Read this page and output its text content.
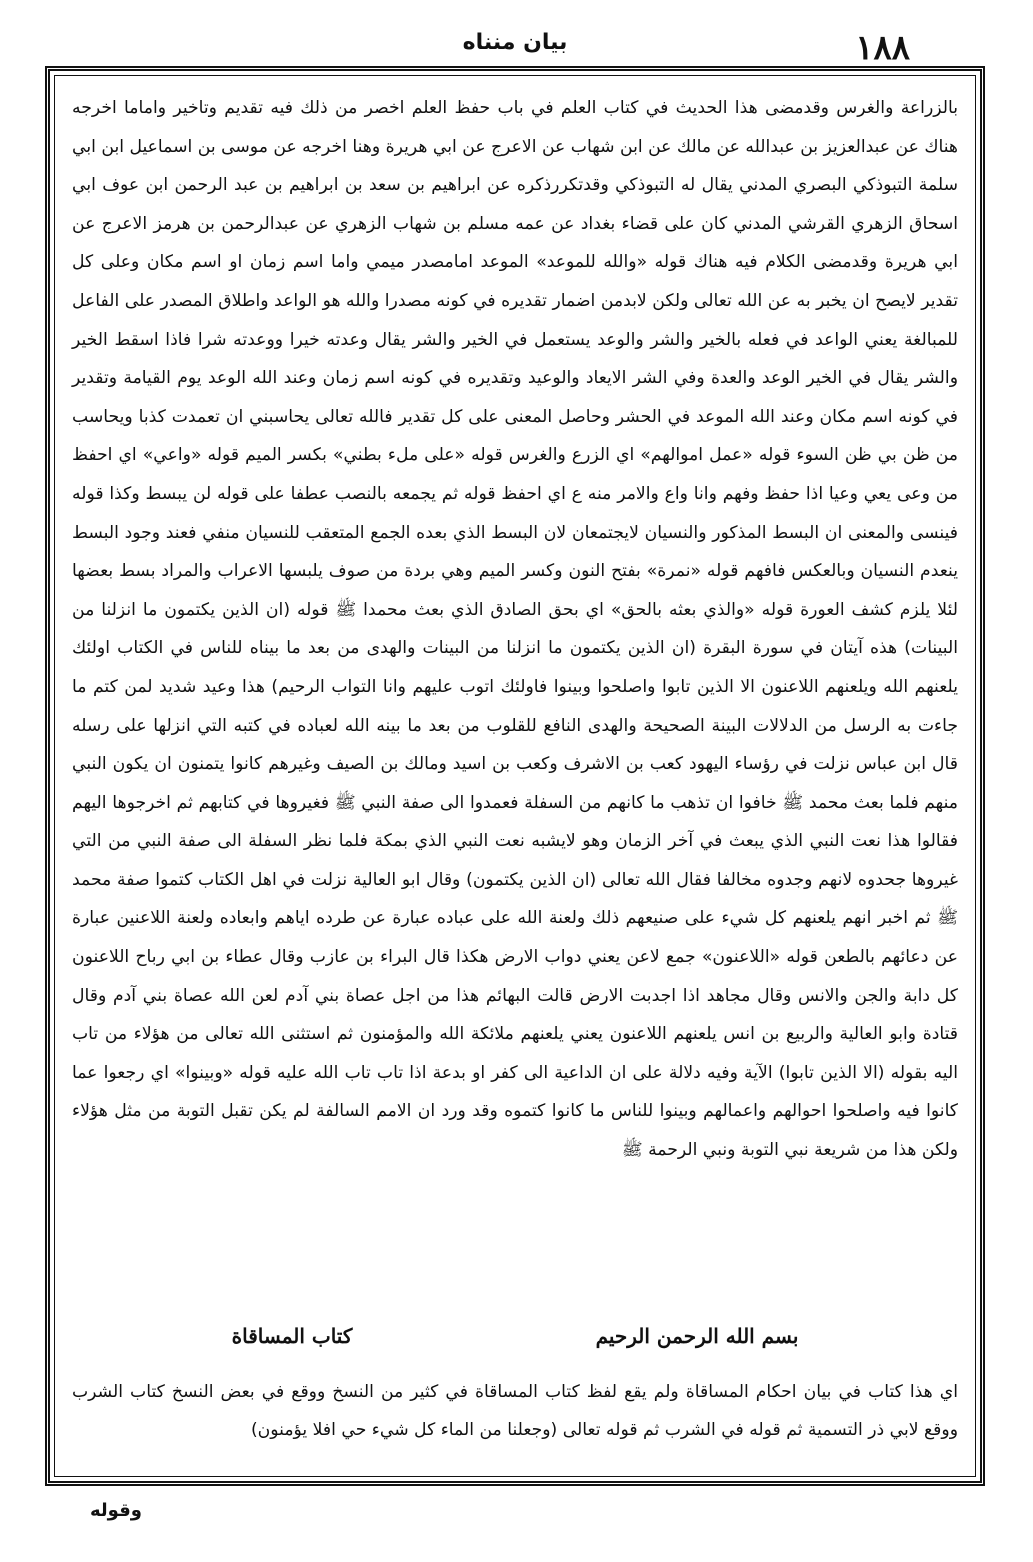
بيان منناه	١٨٨

بالزراعة والغرس وقدمضى هذا الحديث في كتاب العلم في باب حفظ العلم اخصر من ذلك فيه تقديم وتاخير واماما اخرجه هناك عن عبدالعزيز بن عبدالله عن مالك عن ابن شهاب عن الاعرج عن ابي هريرة وهنا اخرجه عن موسى بن اسماعيل ابن ابي سلمة التبوذكي البصري المدني يقال له التبوذكي وقدتكررذكره عن ابراهيم بن سعد بن ابراهيم بن عبد الرحمن ابن عوف ابي اسحاق الزهري القرشي المدني كان على قضاء بغداد عن عمه مسلم بن شهاب الزهري عن عبدالرحمن بن هرمز الاعرج عن ابي هريرة وقدمضى الكلام فيه هناك قوله «والله للموعد» الموعد امامصدر ميمي واما اسم زمان او اسم مكان وعلى كل تقدير لايصح ان يخبر به عن الله تعالى ولكن لابدمن اضمار تقديره في كونه مصدرا والله هو الواعد واطلاق المصدر على الفاعل للمبالغة يعني الواعد في فعله بالخير والشر والوعد يستعمل في الخير والشر يقال وعدته خيرا ووعدته شرا فاذا اسقط الخير والشر يقال في الخير الوعد والعدة وفي الشر الايعاد والوعيد وتقديره في كونه اسم زمان وعند الله الوعد يوم القيامة وتقدير في كونه اسم مكان وعند الله الموعد في الحشر وحاصل المعنى على كل تقدير فالله تعالى يحاسبني ان تعمدت كذبا ويحاسب من ظن بي ظن السوء قوله «عمل اموالهم» اي الزرع والغرس قوله «على ملء بطني» بكسر الميم قوله «واعي» اي احفظ من وعى يعي وعيا اذا حفظ وفهم وانا واع والامر منه ع اي احفظ قوله ثم يجمعه بالنصب عطفا على قوله لن يبسط وكذا قوله فينسى والمعنى ان البسط المذكور والنسيان لايجتمعان لان البسط الذي بعده الجمع المتعقب للنسيان منفي فعند وجود البسط ينعدم النسيان وبالعكس فافهم قوله «نمرة» بفتح النون وكسر الميم وهي بردة من صوف يلبسها الاعراب والمراد بسط بعضها لئلا يلزم كشف العورة قوله «والذي بعثه بالحق» اي بحق الصادق الذي بعث محمدا ﷺ قوله (ان الذين يكتمون ما انزلنا من البينات) هذه آيتان في سورة البقرة (ان الذين يكتمون ما انزلنا من البينات والهدى من بعد ما بيناه للناس في الكتاب اولئك يلعنهم الله ويلعنهم اللاعنون الا الذين تابوا واصلحوا وبينوا فاولئك اتوب عليهم وانا التواب الرحيم) هذا وعيد شديد لمن كتم ما جاءت به الرسل من الدلالات البينة الصحيحة والهدى النافع للقلوب من بعد ما بينه الله لعباده في كتبه التي انزلها على رسله قال ابن عباس نزلت في رؤساء اليهود كعب بن الاشرف وكعب بن اسيد ومالك بن الصيف وغيرهم كانوا يتمنون ان يكون النبي منهم فلما بعث محمد ﷺ خافوا ان تذهب ما كانهم من السفلة فعمدوا الى صفة النبي ﷺ فغيروها في كتابهم ثم اخرجوها اليهم فقالوا هذا نعت النبي الذي يبعث في آخر الزمان وهو لايشبه نعت النبي الذي بمكة فلما نظر السفلة الى صفة النبي من التي غيروها جحدوه لانهم وجدوه مخالفا فقال الله تعالى (ان الذين يكتمون) وقال ابو العالية نزلت في اهل الكتاب كتموا صفة محمد ﷺ ثم اخبر انهم يلعنهم كل شيء على صنيعهم ذلك ولعنة الله على عباده عبارة عن طرده اياهم وابعاده ولعنة اللاعنين عبارة عن دعائهم بالطعن قوله «اللاعنون» جمع لاعن يعني دواب الارض هكذا قال البراء بن عازب وقال عطاء بن ابي رباح اللاعنون كل دابة والجن والانس وقال مجاهد اذا اجدبت الارض قالت البهائم هذا من اجل عصاة بني آدم لعن الله عصاة بني آدم وقال قتادة وابو العالية والربيع بن انس يلعنهم اللاعنون يعني يلعنهم ملائكة الله والمؤمنون ثم استثنى الله تعالى من هؤلاء من تاب اليه بقوله (الا الذين تابوا) الآية وفيه دلالة على ان الداعية الى كفر او بدعة اذا تاب تاب الله عليه قوله «وبينوا» اي رجعوا عما كانوا فيه واصلحوا احوالهم واعمالهم وبينوا للناس ما كانوا كتموه وقد ورد ان الامم السالفة لم يكن تقبل التوبة من مثل هؤلاء ولكن هذا من شريعة نبي التوبة ونبي الرحمة ﷺ

بسم الله الرحمن الرحيم
كتاب المساقاة

اي هذا كتاب في بيان احكام المساقاة ولم يقع لفظ كتاب المساقاة في كثير من النسخ ووقع في بعض النسخ كتاب الشرب ووقع لابي ذر التسمية ثم قوله في الشرب ثم قوله تعالى (وجعلنا من الماء كل شيء حي افلا يؤمنون)

وقوله
